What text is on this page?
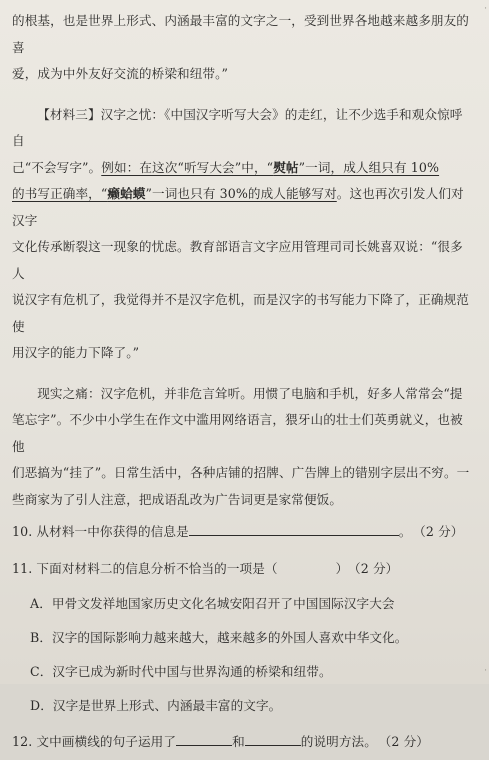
·

的根基，也是世界上形式、内涵最丰富的文字之一，受到世界各地越来越多朋友的喜
爱，成为中外友好交流的桥梁和纽带。”

【材料三】汉字之忧：《中国汉字听写大会》的走红，让不少选手和观众惊呼自
己“不会写字”。例如：在这次“听写大会”中，“熨帖”一词，成人组只有 10%
的书写正确率，“癞蛤蟆”一词也只有 30%的成人能够写对。这也再次引发人们对汉字
文化传承断裂这一现象的忧虑。教育部语言文字应用管理司司长姚喜双说：“很多人
说汉字有危机了，我觉得并不是汉字危机，而是汉字的书写能力下降了，正确规范使
用汉字的能力下降了。”

现实之痛：汉字危机，并非危言耸听。用惯了电脑和手机，好多人常常会“提
笔忘字”。不少中小学生在作文中滥用网络语言，猥牙山的壮士们英勇就义，也被他
们恶搞为“挂了”。日常生活中，各种店铺的招牌、广告牌上的错别字层出不穷。一
些商家为了引人注意，把成语乱改为广告词更是家常便饭。

10. 从材料一中你获得的信息是	。 （2 分）

11. 下面对材料二的信息分析不恰当的一项是（	） （2 分）

A．甲骨文发祥地国家历史文化名城安阳召开了中国国际汉字大会

B．汉字的国际影响力越来越大，越来越多的外国人喜欢中华文化。

C．汉字已成为新时代中国与世界沟通的桥梁和纽带。

D．汉字是世界上形式、内涵最丰富的文字。

12. 文中画横线的句子运用了	和	的说明方法。 （2 分）

·
